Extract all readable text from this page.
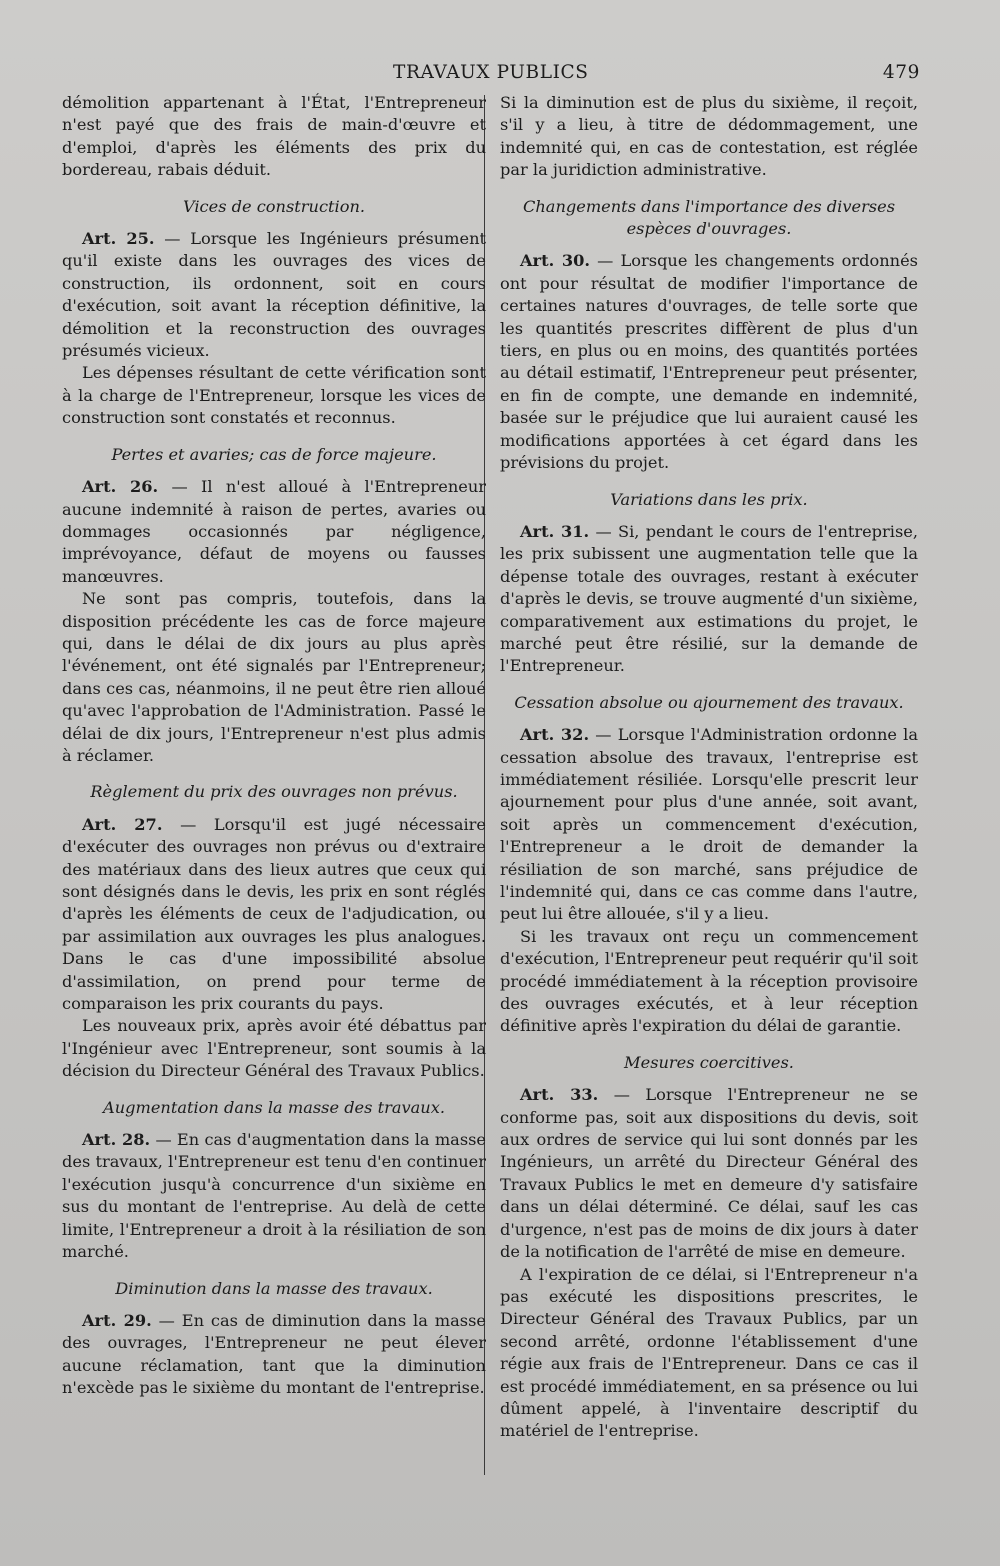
TRAVAUX PUBLICS	479

démolition appartenant à l'État, l'Entrepreneur n'est payé que des frais de main-d'œuvre et d'emploi, d'après les éléments des prix du bordereau, rabais déduit.

Vices de construction.

Art. 25. — Lorsque les Ingénieurs présument qu'il existe dans les ouvrages des vices de construction, ils ordonnent, soit en cours d'exécution, soit avant la réception définitive, la démolition et la reconstruction des ouvrages présumés vicieux.

Les dépenses résultant de cette vérification sont à la charge de l'Entrepreneur, lorsque les vices de construction sont constatés et reconnus.

Pertes et avaries; cas de force majeure.

Art. 26. — Il n'est alloué à l'Entrepreneur aucune indemnité à raison de pertes, avaries ou dommages occasionnés par négligence, imprévoyance, défaut de moyens ou fausses manœuvres.

Ne sont pas compris, toutefois, dans la disposition précédente les cas de force majeure qui, dans le délai de dix jours au plus après l'événement, ont été signalés par l'Entrepreneur; dans ces cas, néanmoins, il ne peut être rien alloué qu'avec l'approbation de l'Administration. Passé le délai de dix jours, l'Entrepreneur n'est plus admis à réclamer.

Règlement du prix des ouvrages non prévus.

Art. 27. — Lorsqu'il est jugé nécessaire d'exécuter des ouvrages non prévus ou d'extraire des matériaux dans des lieux autres que ceux qui sont désignés dans le devis, les prix en sont réglés d'après les éléments de ceux de l'adjudication, ou par assimilation aux ouvrages les plus analogues. Dans le cas d'une impossibilité absolue d'assimilation, on prend pour terme de comparaison les prix courants du pays.

Les nouveaux prix, après avoir été débattus par l'Ingénieur avec l'Entrepreneur, sont soumis à la décision du Directeur Général des Travaux Publics.

Augmentation dans la masse des travaux.

Art. 28. — En cas d'augmentation dans la masse des travaux, l'Entrepreneur est tenu d'en continuer l'exécution jusqu'à concurrence d'un sixième en sus du montant de l'entreprise. Au delà de cette limite, l'Entrepreneur a droit à la résiliation de son marché.

Diminution dans la masse des travaux.

Art. 29. — En cas de diminution dans la masse des ouvrages, l'Entrepreneur ne peut élever aucune réclamation, tant que la diminution n'excède pas le sixième du montant de l'entreprise.

Si la diminution est de plus du sixième, il reçoit, s'il y a lieu, à titre de dédommagement, une indemnité qui, en cas de contestation, est réglée par la juridiction administrative.

Changements dans l'importance des diverses espèces d'ouvrages.

Art. 30. — Lorsque les changements ordonnés ont pour résultat de modifier l'importance de certaines natures d'ouvrages, de telle sorte que les quantités prescrites diffèrent de plus d'un tiers, en plus ou en moins, des quantités portées au détail estimatif, l'Entrepreneur peut présenter, en fin de compte, une demande en indemnité, basée sur le préjudice que lui auraient causé les modifications apportées à cet égard dans les prévisions du projet.

Variations dans les prix.

Art. 31. — Si, pendant le cours de l'entreprise, les prix subissent une augmentation telle que la dépense totale des ouvrages, restant à exécuter d'après le devis, se trouve augmenté d'un sixième, comparativement aux estimations du projet, le marché peut être résilié, sur la demande de l'Entrepreneur.

Cessation absolue ou ajournement des travaux.

Art. 32. — Lorsque l'Administration ordonne la cessation absolue des travaux, l'entreprise est immédiatement résiliée. Lorsqu'elle prescrit leur ajournement pour plus d'une année, soit avant, soit après un commencement d'exécution, l'Entrepreneur a le droit de demander la résiliation de son marché, sans préjudice de l'indemnité qui, dans ce cas comme dans l'autre, peut lui être allouée, s'il y a lieu.

Si les travaux ont reçu un commencement d'exécution, l'Entrepreneur peut requérir qu'il soit procédé immédiatement à la réception provisoire des ouvrages exécutés, et à leur réception définitive après l'expiration du délai de garantie.

Mesures coercitives.

Art. 33. — Lorsque l'Entrepreneur ne se conforme pas, soit aux dispositions du devis, soit aux ordres de service qui lui sont donnés par les Ingénieurs, un arrêté du Directeur Général des Travaux Publics le met en demeure d'y satisfaire dans un délai déterminé. Ce délai, sauf les cas d'urgence, n'est pas de moins de dix jours à dater de la notification de l'arrêté de mise en demeure.

A l'expiration de ce délai, si l'Entrepreneur n'a pas exécuté les dispositions prescrites, le Directeur Général des Travaux Publics, par un second arrêté, ordonne l'établissement d'une régie aux frais de l'Entrepreneur. Dans ce cas il est procédé immédiatement, en sa présence ou lui dûment appelé, à l'inventaire descriptif du matériel de l'entreprise.
